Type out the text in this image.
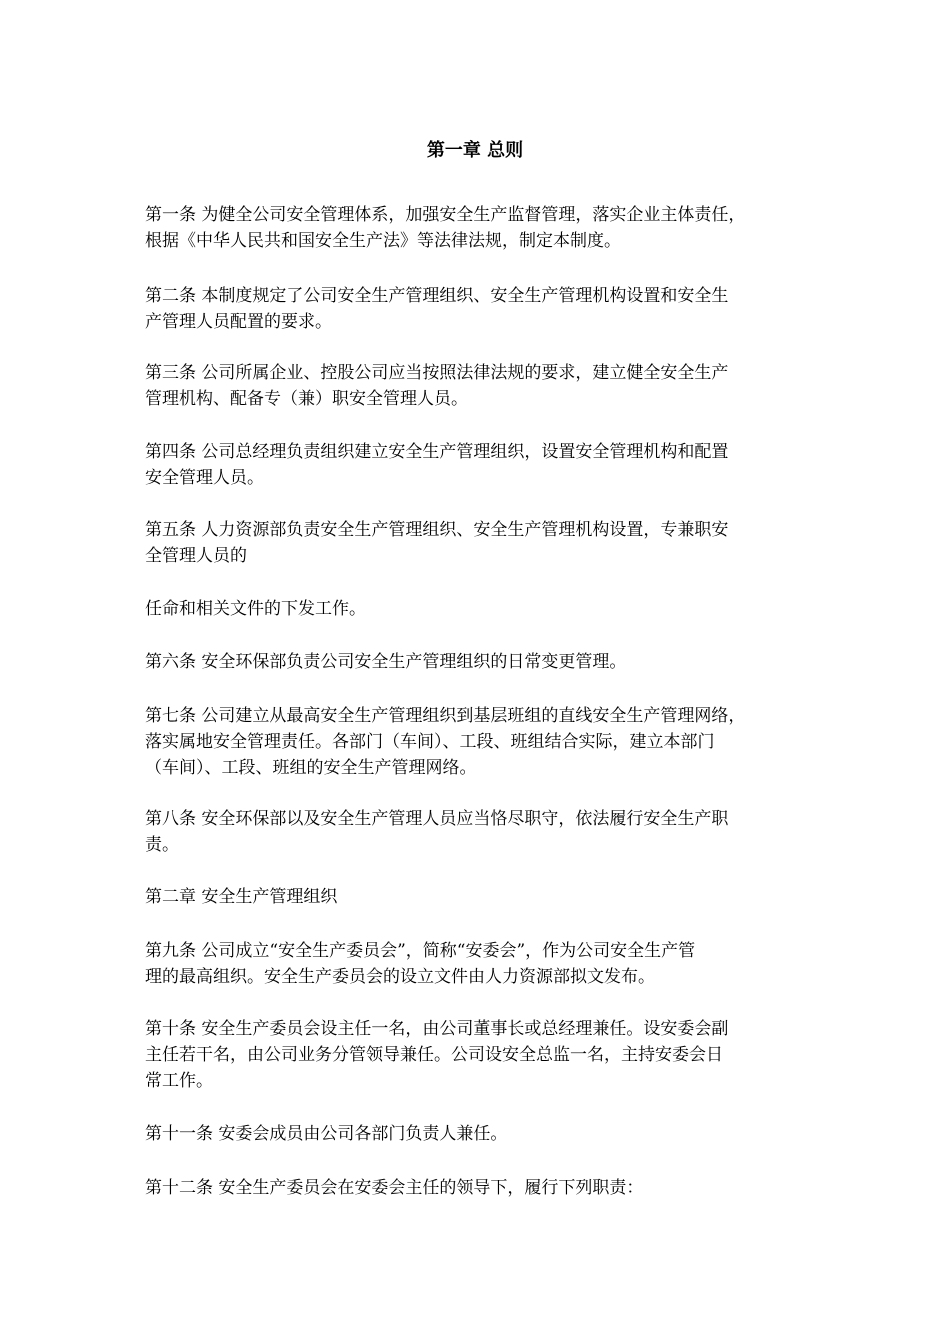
第一章 总则
第一条 为健全公司安全管理体系，加强安全生产监督管理，落实企业主体责任，
根据《中华人民共和国安全生产法》等法律法规，制定本制度。
第二条 本制度规定了公司安全生产管理组织、安全生产管理机构设置和安全生
产管理人员配置的要求。
第三条 公司所属企业、控股公司应当按照法律法规的要求，建立健全安全生产
管理机构、配备专（兼）职安全管理人员。
第四条 公司总经理负责组织建立安全生产管理组织，设置安全管理机构和配置
安全管理人员。
第五条 人力资源部负责安全生产管理组织、安全生产管理机构设置，专兼职安
全管理人员的
任命和相关文件的下发工作。
第六条 安全环保部负责公司安全生产管理组织的日常变更管理。
第七条 公司建立从最高安全生产管理组织到基层班组的直线安全生产管理网络，
落实属地安全管理责任。各部门（车间）、工段、班组结合实际，建立本部门
（车间）、工段、班组的安全生产管理网络。
第八条 安全环保部以及安全生产管理人员应当恪尽职守，依法履行安全生产职
责。
第二章 安全生产管理组织
第九条 公司成立“安全生产委员会”，简称“安委会”，作为公司安全生产管
理的最高组织。安全生产委员会的设立文件由人力资源部拟文发布。
第十条 安全生产委员会设主任一名，由公司董事长或总经理兼任。设安委会副
主任若干名，由公司业务分管领导兼任。公司设安全总监一名，主持安委会日
常工作。
第十一条 安委会成员由公司各部门负责人兼任。
第十二条 安全生产委员会在安委会主任的领导下，履行下列职责：
